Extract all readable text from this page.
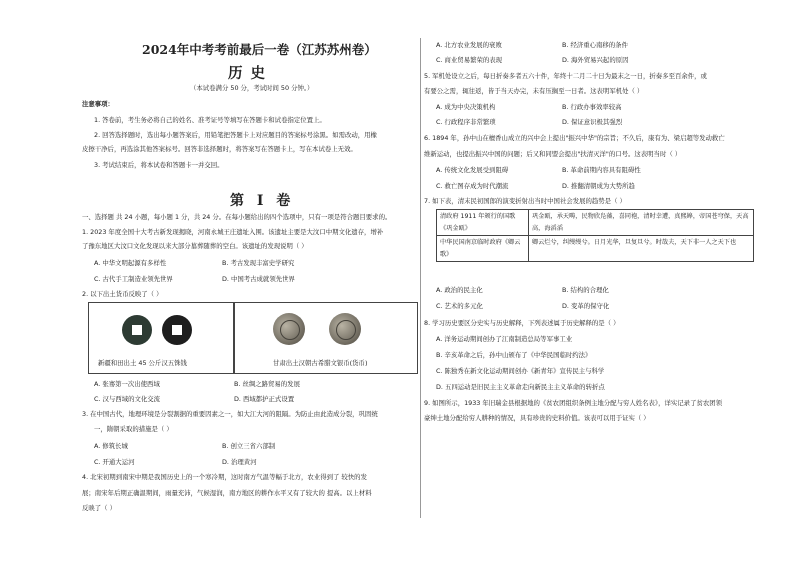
2024年中考考前最后一卷（江苏苏州卷）
历史
（本试卷满分 50 分，考试时间 50 分钟。）
注意事项：
1. 答卷前，考生务必将自己的姓名、准考证号等填写在答题卡和试卷指定位置上。
2. 回答选择题时，选出每小题答案后，用铅笔把答题卡上对应题目的答案标号涂黑。如需改动，用橡
皮擦干净后，再选涂其他答案标号。回答非选择题时，将答案写在答题卡上，写在本试卷上无效。
3. 考试结束后，将本试卷和答题卡一并交回。
第 I 卷
一、选择题 共 24 小题，每小题 1 分，共 24 分。在每小题给出的四个选项中，只有一项是符合题目要求的。
1. 2023 年度全国十大考古新发现揭晓，河南永城王庄遗址入围。该遗址主要是大汶口中期文化遗存，增补
了豫东地区大汶口文化发现以来大部分墓葬随葬的空白。该遗址的发现说明（ ）
A. 中华文明起源有多样性	B. 考古发现丰富史学研究
C. 古代手工制造业领先世界	D. 中国考古成就领先世界
2. 以下出土货币反映了（ ）
新疆和田出土 45 公斤汉五铢钱	甘肃出土汉朝古希腊文银币(货币)
A. 张骞第一次出使西域	B. 丝绸之路贸易的发展
C. 汉与西域的文化交流	D. 西域都护正式设置
3. 在中国古代，地理环境是分裂割据的重要因素之一，如大江大河的阻隔。为防止由此造成分裂，巩固统
一，隋朝采取的措施是（ ）
A. 修筑长城	B. 创立三省六部制
C. 开通大运河	D. 治理黄河
4. 北宋初期到南宋中期是我国历史上的一个寒冷期，这时南方气温等幅于北方，农业得到了 较快的发
展；南宋年后期正确温期间，雨量充沛，气候湿润，南方地区的耕作水平又有了较大的 提高。以上材料
反映了（ ）
A. 北方农业发展的衰败	B. 经济重心南移的条件
C. 商业贸易繁荣的表现	D. 海外贸易兴起的原因
5. 军机处设立之后，每日折奏多者五六十件，年终十二月二十日为最末之一日，折奏多至百余件，或
有要公之需，辄往返，皆于当天办完，未有压搁至一日者。这表明军机处（ ）
A. 成为中央决策机构	B. 行政办事效率较高
C. 行政程序非常繁琐	D. 保证意识极其强烈
6. 1894 年，孙中山在檀香山成立的兴中会上提出"振兴中华"的宗旨；不久后，康有为、梁启超等发动救亡
维新运动，也提出振兴中国的问题；后又和同盟会提出"扶清灭洋"的口号。这表明当时（ ）
A. 传统文化发展受到阻碍	B. 革命前期内容具有阻碍性
C. 救亡图存成为时代潮流	D. 推翻清朝成为大势所趋
7. 如下表，清末民初国郎的演变折射出当时中国社会发展的趋势是（ ）
清政府 1911 年颁行的国歌《巩金瓯》	巩金瓯，承天畴，民物欣凫藻，喜同袍，清时幸遭，真熙皞，帝国苍穹保，天高高，海滔滔
中华民国南京临时政府《卿云歌》	卿云烂兮，纠缦缦兮。日月光华，旦复旦兮。时哉夫，天下非一人之天下也
A. 政治的民主化	B. 结构的合理化
C. 艺术的多元化	D. 变革的保守化
8. 学习历史要区分史实与历史解释，下列表述属于历史解释的是（ ）
A. 洋务运动期间创办了江南制造总局等军事工业
B. 辛亥革命之后，孙中山颁布了《中华民国临时约法》
C. 陈独秀在新文化运动期间创办《新青年》宣传民主与科学
D. 五四运动是旧民主主义革命走向新民主主义革命的转折点
9. 如图所示，1933 年旧瑞金县根据地的《贫农团组织条例主地分配与穷人姓名表》，详实记录了贫农团领
豪绅土地分配给穷人耕种的情况，具有珍贵的史料价值。该表可以用于证实（ ）
